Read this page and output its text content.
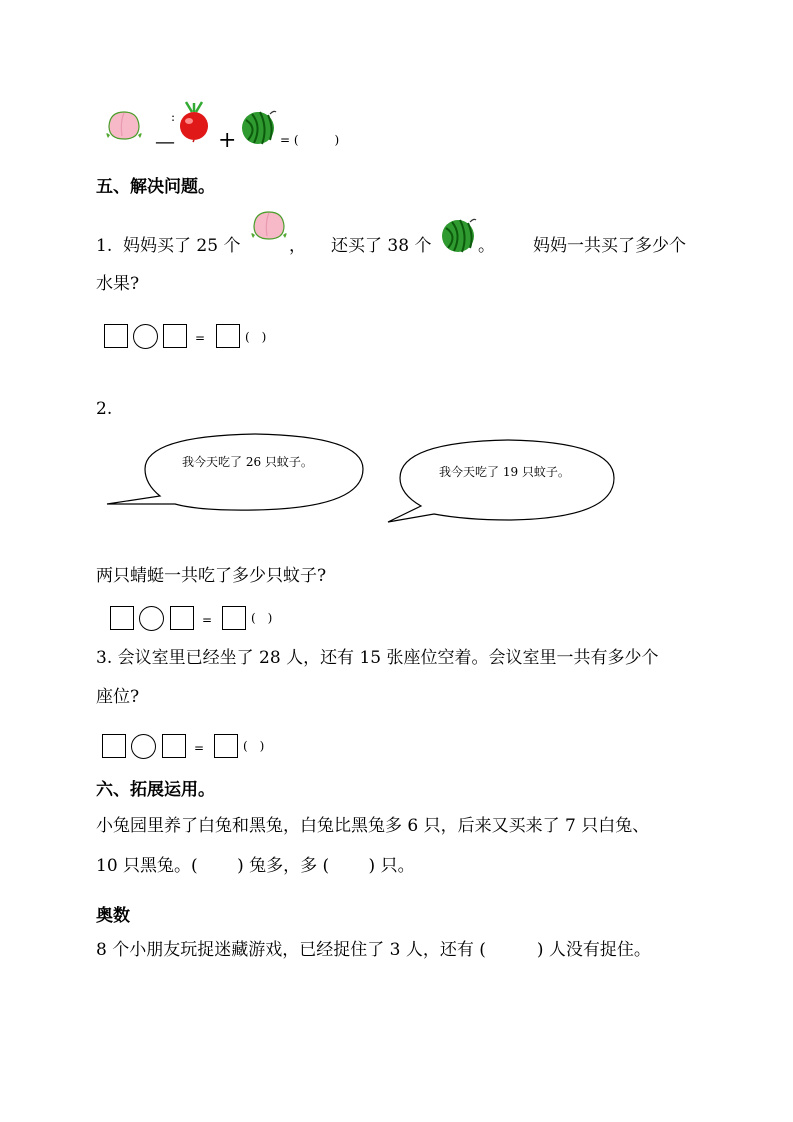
—
:
+	= (　　　)
五、解决问题。
1. 妈妈买了 25 个	， 还买了 38 个	。 妈妈一共买了多少个
水果?
=	(　)
2.
我今天吃了 26 只蚊子。
我今天吃了 19 只蚊子。
两只蜻蜓一共吃了多少只蚊子?
=	(　)
3. 会议室里已经坐了 28 人，还有 15 张座位空着。会议室里一共有多少个
座位?
=	(　)
六、拓展运用。
小兔园里养了白兔和黑兔，白兔比黑兔多 6 只，后来又买来了 7 只白兔、
10 只黑兔。(　　 ) 兔多，多 (　　 ) 只。
奥数
8 个小朋友玩捉迷藏游戏，已经捉住了 3 人，还有 (　　　) 人没有捉住。
